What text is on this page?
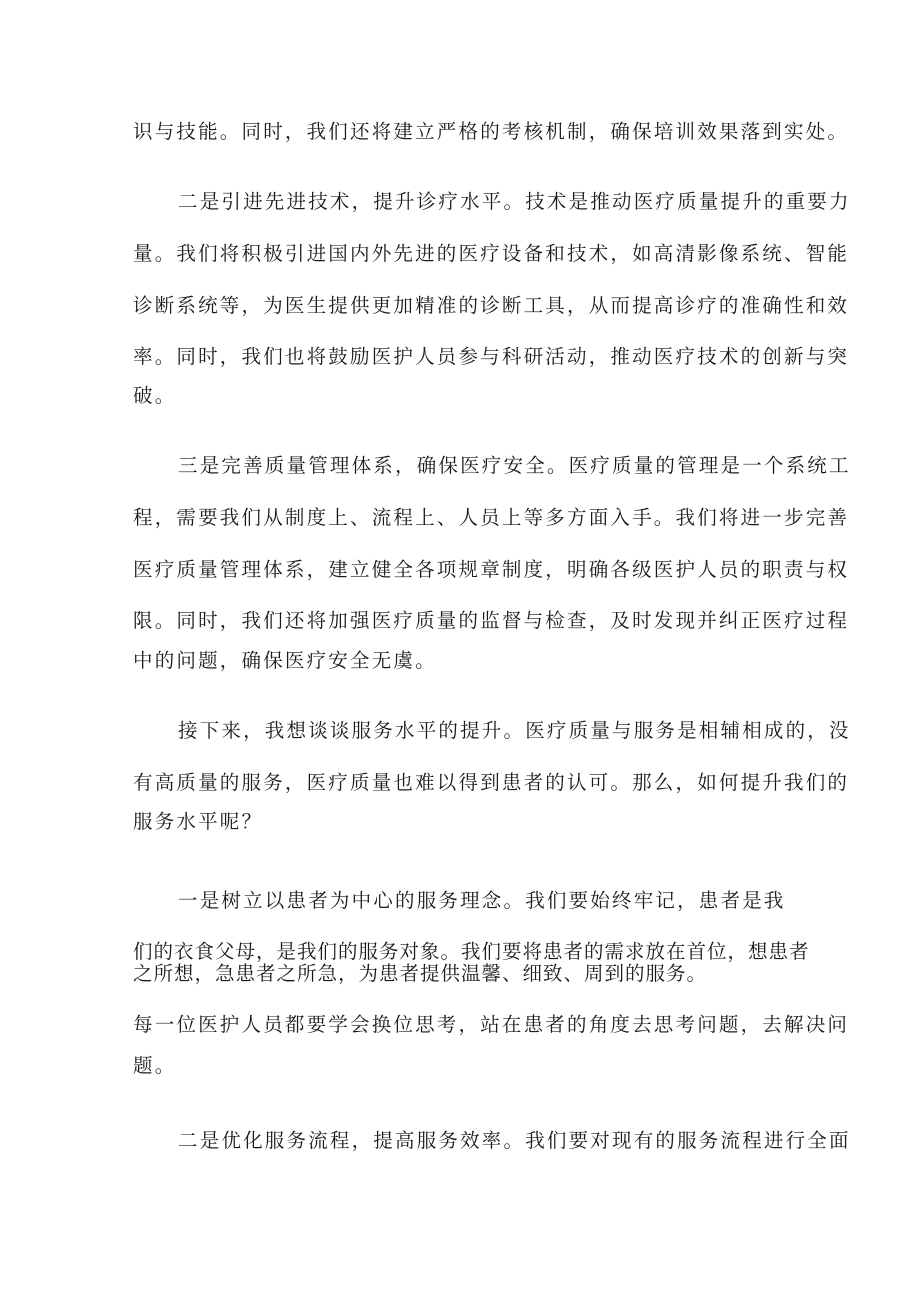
识与技能。同时，我们还将建立严格的考核机制，确保培训效果落到实处。
二是引进先进技术，提升诊疗水平。技术是推动医疗质量提升的重要力
量。我们将积极引进国内外先进的医疗设备和技术，如高清影像系统、智能
诊断系统等，为医生提供更加精准的诊断工具，从而提高诊疗的准确性和效
率。同时，我们也将鼓励医护人员参与科研活动，推动医疗技术的创新与突
破。
三是完善质量管理体系，确保医疗安全。医疗质量的管理是一个系统工
程，需要我们从制度上、流程上、人员上等多方面入手。我们将进一步完善
医疗质量管理体系，建立健全各项规章制度，明确各级医护人员的职责与权
限。同时，我们还将加强医疗质量的监督与检查，及时发现并纠正医疗过程
中的问题，确保医疗安全无虞。
接下来，我想谈谈服务水平的提升。医疗质量与服务是相辅相成的，没
有高质量的服务，医疗质量也难以得到患者的认可。那么，如何提升我们的
服务水平呢？
一是树立以患者为中心的服务理念。我们要始终牢记，患者是我
们的衣食父母，是我们的服务对象。我们要将患者的需求放在首位，想患者
之所想，急患者之所急，为患者提供温馨、细致、周到的服务。
每一位医护人员都要学会换位思考，站在患者的角度去思考问题，去解决问
题。
二是优化服务流程，提高服务效率。我们要对现有的服务流程进行全面
